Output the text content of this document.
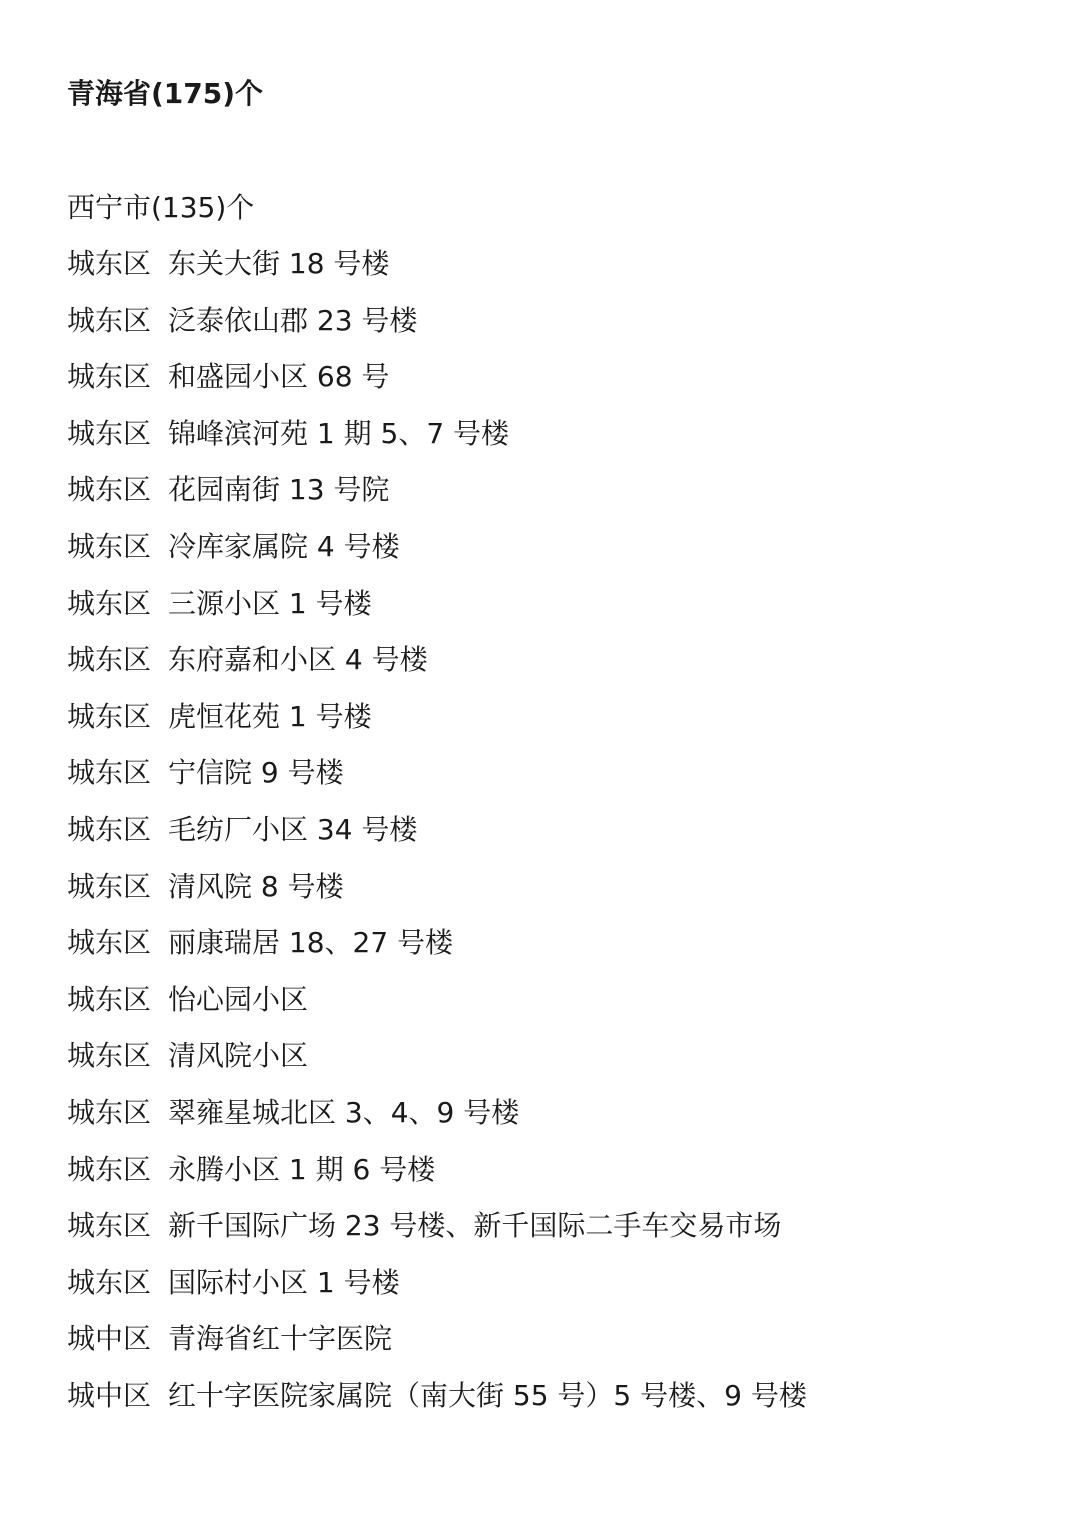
青海省(175)个
西宁市(135)个
城东区 东关大街 18 号楼
城东区 泛泰依山郡 23 号楼
城东区 和盛园小区 68 号
城东区 锦峰滨河苑 1 期 5、7 号楼
城东区 花园南街 13 号院
城东区 冷库家属院 4 号楼
城东区 三源小区 1 号楼
城东区 东府嘉和小区 4 号楼
城东区 虎恒花苑 1 号楼
城东区 宁信院 9 号楼
城东区 毛纺厂小区 34 号楼
城东区 清风院 8 号楼
城东区 丽康瑞居 18、27 号楼
城东区 怡心园小区
城东区 清风院小区
城东区 翠雍星城北区 3、4、9 号楼
城东区 永腾小区 1 期 6 号楼
城东区 新千国际广场 23 号楼、新千国际二手车交易市场
城东区 国际村小区 1 号楼
城中区 青海省红十字医院
城中区 红十字医院家属院（南大街 55 号）5 号楼、9 号楼
